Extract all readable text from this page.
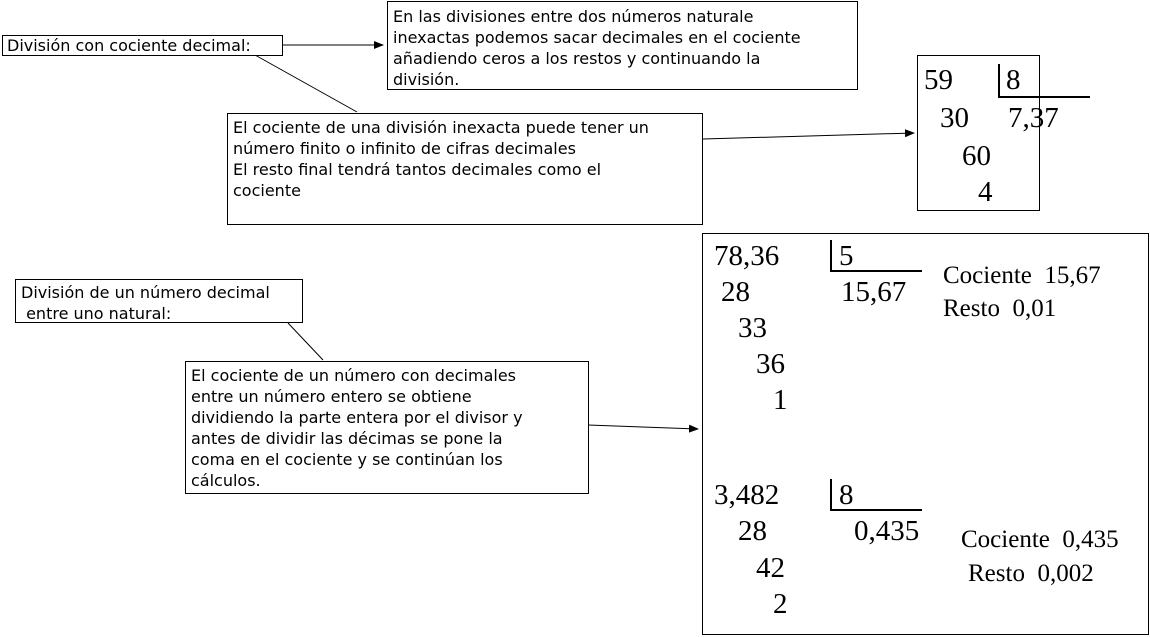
División con cociente decimal:
En las divisiones entre dos números naturale
inexactas podemos sacar decimales en el cociente
añadiendo ceros a los restos y continuando la
división.
El cociente de una división inexacta puede tener un
número finito o infinito de cifras decimales
El resto final tendrá tantos decimales como el
cociente
59 8
7,37
30
60
4
División de un número decimal
entre uno natural:
El cociente de un número con decimales
entre un número entero se obtiene
dividiendo la parte entera por el divisor y
antes de dividir las décimas se pone la
coma en el cociente y se continúan los
cálculos.
78,36 5
15,67
28
33
36
1
Cociente  15,67
Resto  0,01
3,482 8
0,435
28
42
2
Cociente  0,435
Resto  0,002
